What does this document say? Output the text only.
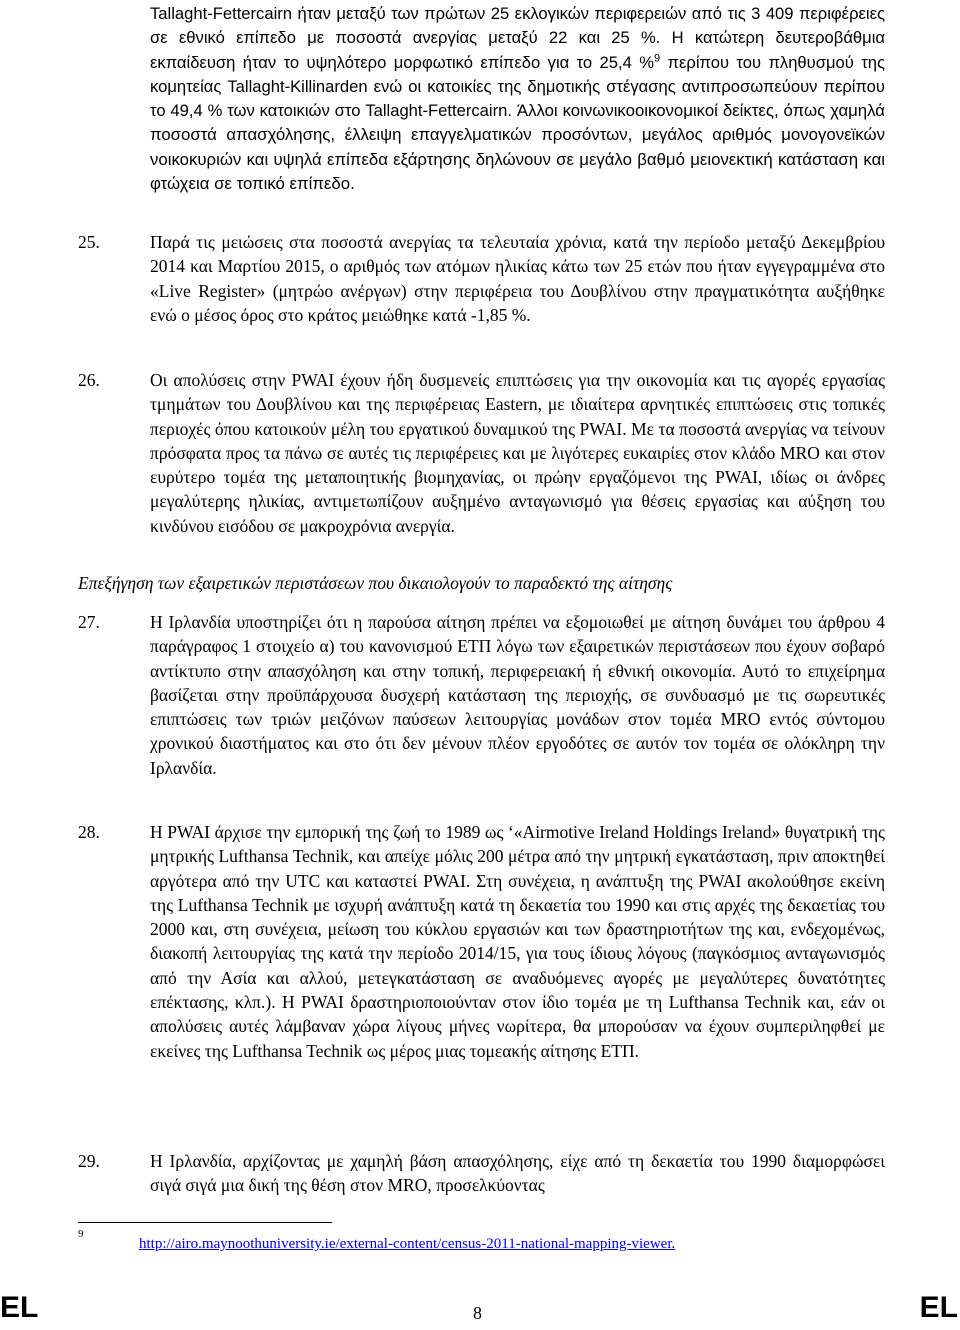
Tallaght-Fettercairn ήταν μεταξύ των πρώτων 25 εκλογικών περιφερειών από τις 3 409 περιφέρειες σε εθνικό επίπεδο με ποσοστά ανεργίας μεταξύ 22 και 25 %. Η κατώτερη δευτεροβάθμια εκπαίδευση ήταν το υψηλότερο μορφωτικό επίπεδο για το 25,4 %$^9$ περίπου του πληθυσμού της κομητείας Tallaght-Killinarden ενώ οι κατοικίες της δημοτικής στέγασης αντιπροσωπεύουν περίπου το 49,4 % των κατοικιών στο Tallaght-Fettercairn. Άλλοι κοινωνικοοικονομικοί δείκτες, όπως χαμηλά ποσοστά απασχόλησης, έλλειψη επαγγελματικών προσόντων, μεγάλος αριθμός μονογονεϊκών νοικοκυριών και υψηλά επίπεδα εξάρτησης δηλώνουν σε μεγάλο βαθμό μειονεκτική κατάσταση και φτώχεια σε τοπικό επίπεδο.

25.	Παρά τις μειώσεις στα ποσοστά ανεργίας τα τελευταία χρόνια, κατά την περίοδο μεταξύ Δεκεμβρίου 2014 και Μαρτίου 2015, ο αριθμός των ατόμων ηλικίας κάτω των 25 ετών που ήταν εγγεγραμμένα στο «Live Register» (μητρώο ανέργων) στην περιφέρεια του Δουβλίνου στην πραγματικότητα αυξήθηκε ενώ ο μέσος όρος στο κράτος μειώθηκε κατά -1,85 %.

26.	Οι απολύσεις στην PWAI έχουν ήδη δυσμενείς επιπτώσεις για την οικονομία και τις αγορές εργασίας τμημάτων του Δουβλίνου και της περιφέρειας Eastern, με ιδιαίτερα αρνητικές επιπτώσεις στις τοπικές περιοχές όπου κατοικούν μέλη του εργατικού δυναμικού της PWAI. Με τα ποσοστά ανεργίας να τείνουν πρόσφατα προς τα πάνω σε αυτές τις περιφέρειες και με λιγότερες ευκαιρίες στον κλάδο MRO και στον ευρύτερο τομέα της μεταποιητικής βιομηχανίας, οι πρώην εργαζόμενοι της PWAI, ιδίως οι άνδρες μεγαλύτερης ηλικίας, αντιμετωπίζουν αυξημένο ανταγωνισμό για θέσεις εργασίας και αύξηση του κινδύνου εισόδου σε μακροχρόνια ανεργία.

Επεξήγηση των εξαιρετικών περιστάσεων που δικαιολογούν το παραδεκτό της αίτησης

27.	Η Ιρλανδία υποστηρίζει ότι η παρούσα αίτηση πρέπει να εξομοιωθεί με αίτηση δυνάμει του άρθρου 4 παράγραφος 1 στοιχείο α) του κανονισμού ΕΤΠ λόγω των εξαιρετικών περιστάσεων που έχουν σοβαρό αντίκτυπο στην απασχόληση και στην τοπική, περιφερειακή ή εθνική οικονομία. Αυτό το επιχείρημα βασίζεται στην προϋπάρχουσα δυσχερή κατάσταση της περιοχής, σε συνδυασμό με τις σωρευτικές επιπτώσεις των τριών μειζόνων παύσεων λειτουργίας μονάδων στον τομέα MRO εντός σύντομου χρονικού διαστήματος και στο ότι δεν μένουν πλέον εργοδότες σε αυτόν τον τομέα σε ολόκληρη την Ιρλανδία.

28.	Η PWAI άρχισε την εμπορική της ζωή το 1989 ως ‘«Airmotive Ireland Holdings Ireland» θυγατρική της μητρικής Lufthansa Technik, και απείχε μόλις 200 μέτρα από την μητρική εγκατάσταση, πριν αποκτηθεί αργότερα από την UTC και καταστεί PWAI. Στη συνέχεια, η ανάπτυξη της PWAI ακολούθησε εκείνη της Lufthansa Technik με ισχυρή ανάπτυξη κατά τη δεκαετία του 1990 και στις αρχές της δεκαετίας του 2000 και, στη συνέχεια, μείωση του κύκλου εργασιών και των δραστηριοτήτων της και, ενδεχομένως, διακοπή λειτουργίας της κατά την περίοδο 2014/15, για τους ίδιους λόγους (παγκόσμιος ανταγωνισμός από την Ασία και αλλού, μετεγκατάσταση σε αναδυόμενες αγορές με μεγαλύτερες δυνατότητες επέκτασης, κλπ.). Η PWAI δραστηριοποιούνταν στον ίδιο τομέα με τη Lufthansa Technik και, εάν οι απολύσεις αυτές λάμβαναν χώρα λίγους μήνες νωρίτερα, θα μπορούσαν να έχουν συμπεριληφθεί με εκείνες της Lufthansa Technik ως μέρος μιας τομεακής αίτησης ΕΤΠ.

29.	Η Ιρλανδία, αρχίζοντας με χαμηλή βάση απασχόλησης, είχε από τη δεκαετία του 1990 διαμορφώσει σιγά σιγά μια δική της θέση στον MRO, προσελκύοντας

9
http://airo.maynoothuniversity.ie/external-content/census-2011-national-mapping-viewer.
EL	8	EL
